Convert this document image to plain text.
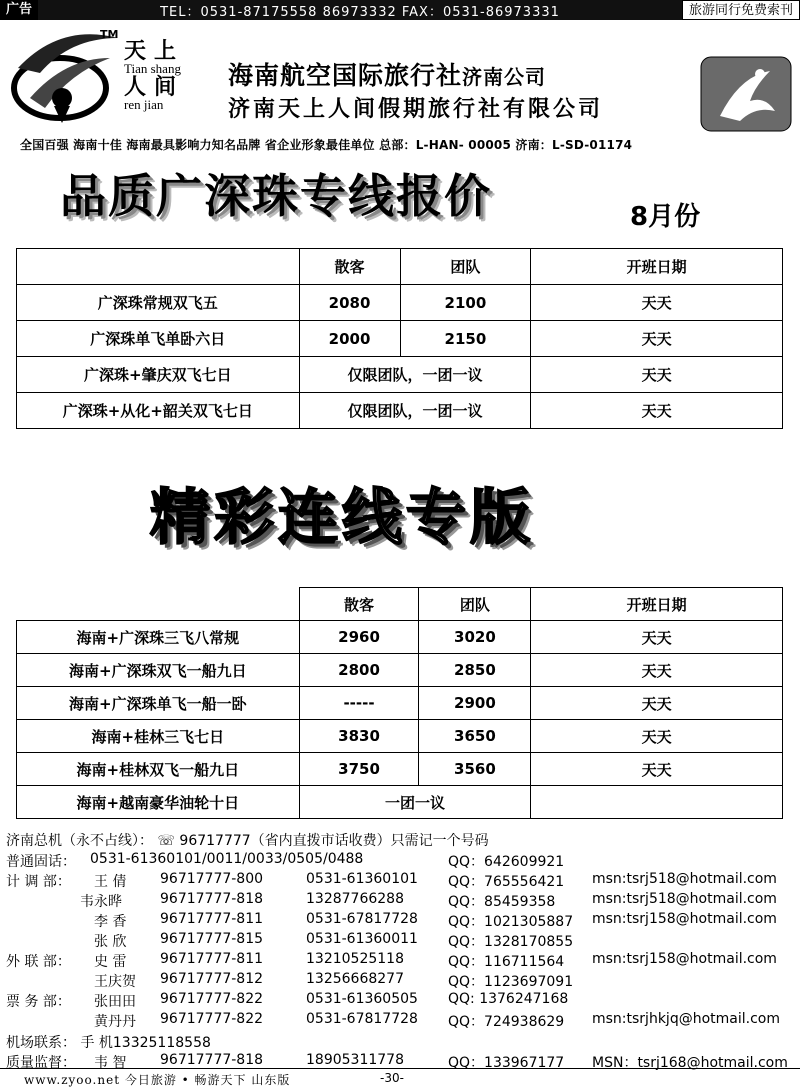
广告	TEL：0531-87175558 86973332 FAX：0531-86973331	旅游同行免费索刊
TM
天上
Tian shang
人间
ren jian
海南航空国际旅行社济南公司
济南天上人间假期旅行社有限公司
全国百强 海南十佳 海南最具影响力知名品牌 省企业形象最佳单位 总部：L-HAN- 00005 济南：L-SD-01174
品质广深珠专线报价	8月份
	散客	团队	开班日期
广深珠常规双飞五	2080	2100	天天
广深珠单飞单卧六日	2000	2150	天天
广深珠+肇庆双飞七日	仅限团队，一团一议		天天
广深珠+从化+韶关双飞七日	仅限团队，一团一议		天天
精彩连线专版
	散客	团队	开班日期
海南+广深珠三飞八常规	2960	3020	天天
海南+广深珠双飞一船九日	2800	2850	天天
海南+广深珠单飞一船一卧	-----	2900	天天
海南+桂林三飞七日	3830	3650	天天
海南+桂林双飞一船九日	3750	3560	天天
海南+越南豪华油轮十日	一团一议		
济南总机（永不占线）： ☏ 96717777（省内直拨市话收费）只需记一个号码
普通固话： 0531-61360101/0011/0033/0505/0488	QQ：642609921
计 调 部： 王 倩 96717777-800	0531-61360101 QQ：765556421 msn:tsrj518@hotmail.com
韦永晔	96717777-818	13287766288	QQ：85459358	msn:tsrj518@hotmail.com
李 香 96717777-811	0531-67817728 QQ：1021305887 msn:tsrj158@hotmail.com
张 欣 96717777-815	0531-61360011 QQ：1328170855
外 联 部： 史 雷 96717777-811	13210525118	QQ：116711564 msn:tsrj158@hotmail.com
王庆贺 96717777-812	13256668277	QQ：1123697091
票 务 部： 张田田 96717777-822	0531-61360505 QQ: 1376247168
黄丹丹 96717777-822	0531-67817728 QQ：724938629 msn:tsrjhkjq@hotmail.com
机场联系： 手 机13325118558
质量监督： 韦 智 96717777-818	18905311778	QQ：133967177 MSN：tsrj168@hotmail.com
www.zyoo.net 今日旅游 • 畅游天下 山东版	-30-
